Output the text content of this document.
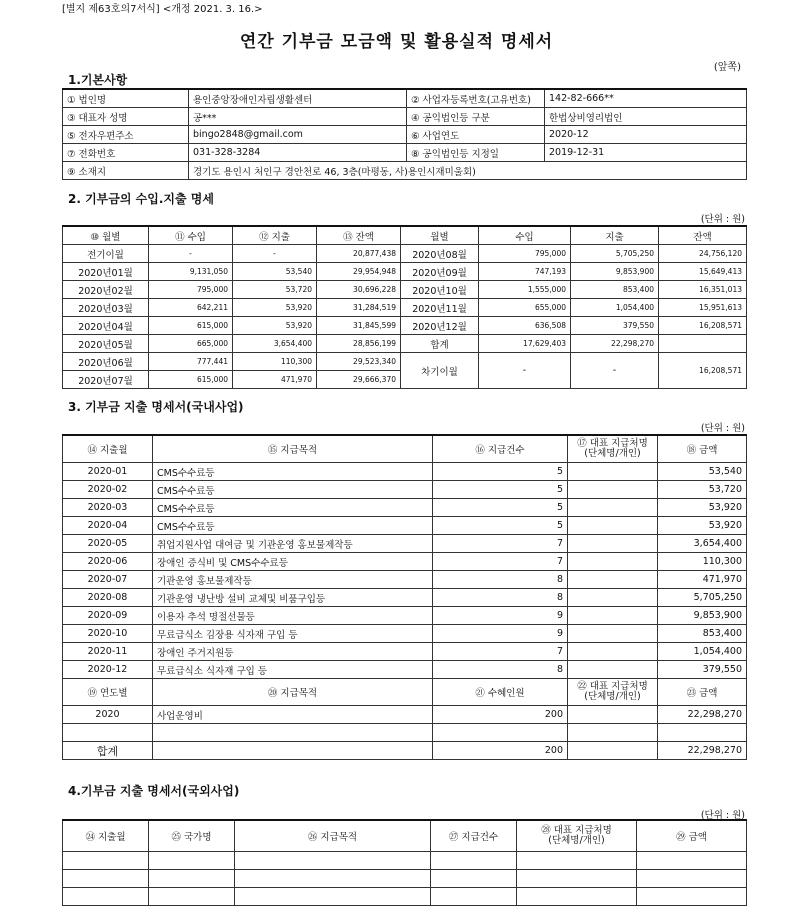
[별지 제63호의7서식] <개정 2021. 3. 16.>
연간 기부금 모금액 및 활용실적 명세서
(앞쪽)
1.기본사항
① 법인명	용인중앙장애인자립생활센터	② 사업자등록번호(고유번호)	142-82-666**
③ 대표자 성명	공***	④ 공익법인등 구분	한법상비영리법인
⑤ 전자우편주소	bingo2848@gmail.com	⑥ 사업연도	2020-12
⑦ 전화번호	031-328-3284	⑧ 공익법인등 지정일	2019-12-31
⑨ 소재지	경기도 용인시 처인구 경안천로 46, 3층(마평동, 사)용인시재미울회)		
2. 기부금의 수입.지출 명세
(단위 : 원)
⑩ 월별	⑪ 수입	⑫ 지출	⑬ 잔액	월별	수입	지출	잔액
전기이월	-	-	20,877,438	2020년08월	795,000	5,705,250	24,756,120
2020년01월	9,131,050	53,540	29,954,948	2020년09월	747,193	9,853,900	15,649,413
2020년02월	795,000	53,720	30,696,228	2020년10월	1,555,000	853,400	16,351,013
2020년03월	642,211	53,920	31,284,519	2020년11월	655,000	1,054,400	15,951,613
2020년04월	615,000	53,920	31,845,599	2020년12월	636,508	379,550	16,208,571
2020년05월	665,000	3,654,400	28,856,199	합계	17,629,403	22,298,270	
2020년06월	777,441	110,300	29,523,340	차기이월	-	-	16,208,571
2020년07월	615,000	471,970	29,666,370				
3. 기부금 지출 명세서(국내사업)
(단위 : 원)
⑭ 지출월	⑮ 지급목적	⑯ 지급건수	⑰ 대표 지급처명
(단체명/개인)	⑱ 금액

2020-01	CMS수수료등	5		53,540
2020-02	CMS수수료등	5		53,720
2020-03	CMS수수료등	5		53,920
2020-04	CMS수수료등	5		53,920
2020-05	취업지원사업 대여금 및 기관운영 홍보물제작등	7		3,654,400
2020-06	장애인 증식비 및 CMS수수료등	7		110,300
2020-07	기관운영 홍보물제작등	8		471,970
2020-08	기관운영 냉난방 설비 교체및 비품구입등	8		5,705,250
2020-09	이용자 추석 명절선물등	9		9,853,900
2020-10	무료급식소 김장용 식자재 구입 등	9		853,400
2020-11	장애인 주거지원등	7		1,054,400
2020-12	무료급식소 식자재 구입 등	8		379,550

⑲ 연도별	⑳ 지급목적	㉑ 수혜인원	㉒ 대표 지급처명
(단체명/개인)	㉓ 금액

2020	사업운영비	200		22,298,270

합계		200		22,298,270
4.기부금 지출 명세서(국외사업)
(단위 : 원)
㉔ 지출월	㉕ 국가명	㉖ 지급목적	㉗ 지급건수	㉘ 대표 지급처명
(단체명/개인)	㉙ 금액
